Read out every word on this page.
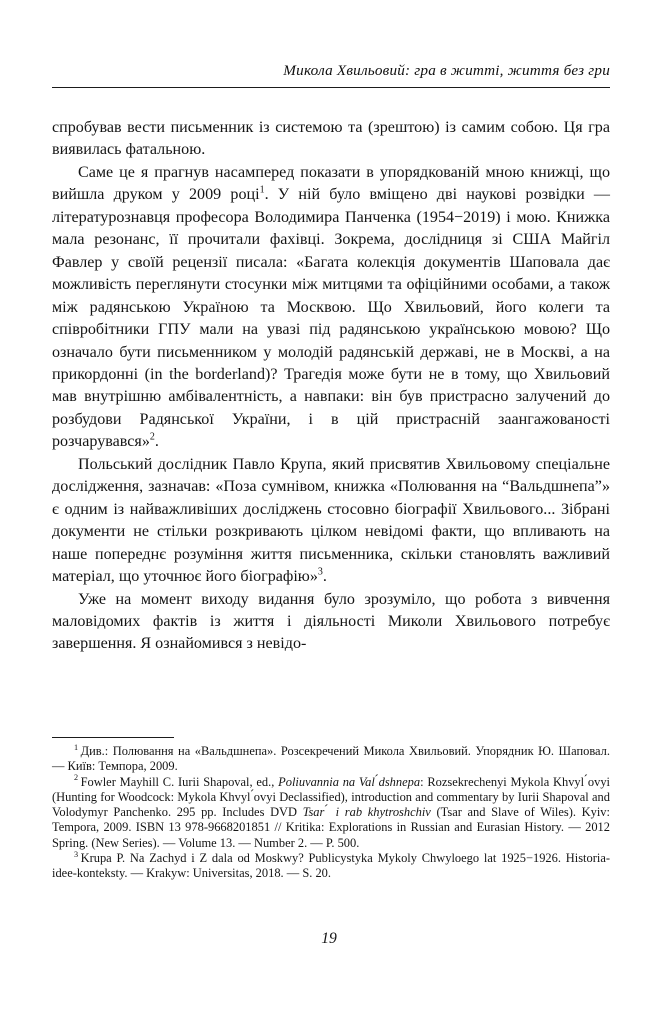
Микола Хвильовий: гра в житті, життя без гри

спробував вести письменник із системою та (зрештою) із самим собою. Ця гра виявилась фатальною.

Саме це я прагнув насамперед показати в упорядкованій мною книжці, що вийшла друком у 2009 році$^1$. У ній було вміщено дві наукові розвідки — літературознавця професора Володимира Панченка (1954−2019) і мою. Книжка мала резонанс, її прочитали фахівці. Зокрема, дослідниця зі США Майгіл Фавлер у своїй рецензії писала: «Багата колекція документів Шаповала дає можливість переглянути стосунки між митцями та офіційними особами, а також між радянською Україною та Москвою. Що Хвильовий, його колеги та співробітники ГПУ мали на увазі під радянською українською мовою? Що означало бути письменником у молодій радянській державі, не в Москві, а на прикордонні (in the borderland)? Трагедія може бути не в тому, що Хвильовий мав внутрішню амбівалентність, а навпаки: він був пристрасно залучений до розбудови Радянської України, і в цій пристрасній заангажованості розчарувався»$^2$.

Польський дослідник Павло Крупа, який присвятив Хвильовому спеціальне дослідження, зазначав: «Поза сумнівом, книжка «Полювання на “Вальдшнепа”» є одним із найважливіших досліджень стосовно біографії Хвильового... Зібрані документи не стільки розкривають цілком невідомі факти, що впливають на наше попереднє розуміння життя письменника, скільки становлять важливий матеріал, що уточнює його біографію»$^3$.

Уже на момент виходу видання було зрозуміло, що робота з вивчення маловідомих фактів із життя і діяльності Миколи Хвильового потребує завершення. Я ознайомився з невідо-

$^1$ Див.: Полювання на «Вальдшнепа». Розсекречений Микола Хвильовий. Упорядник Ю. Шаповал. — Київ: Темпора, 2009.

$^2$ Fowler Mayhill C. Iurii Shapoval, ed., Poliuvannia na Val ́dshnepa: Rozsekrechenyi Mykola Khvyl ́ovyi (Hunting for Woodcock: Mykola Khvyl ́ovyi Declassified), introduction and commentary by Iurii Shapoval and Volodymyr Panchenko. 295 pp. Includes DVD Tsar ́ i rab khytroshchiv (Tsar and Slave of Wiles). Kyiv: Tempora, 2009. ISBN 13 978-9668201851 // Kritika: Explorations in Russian and Eurasian History. — 2012 Spring. (New Series). — Volume 13. — Number 2. — P. 500.

$^3$ Krupa P. Na Zachyd i Z dala od Moskwy? Publicystyka Mykoly Chwyloego lat 1925−1926. Historia-idee-konteksty. — Krakyw: Universitas, 2018. — S. 20.

19
